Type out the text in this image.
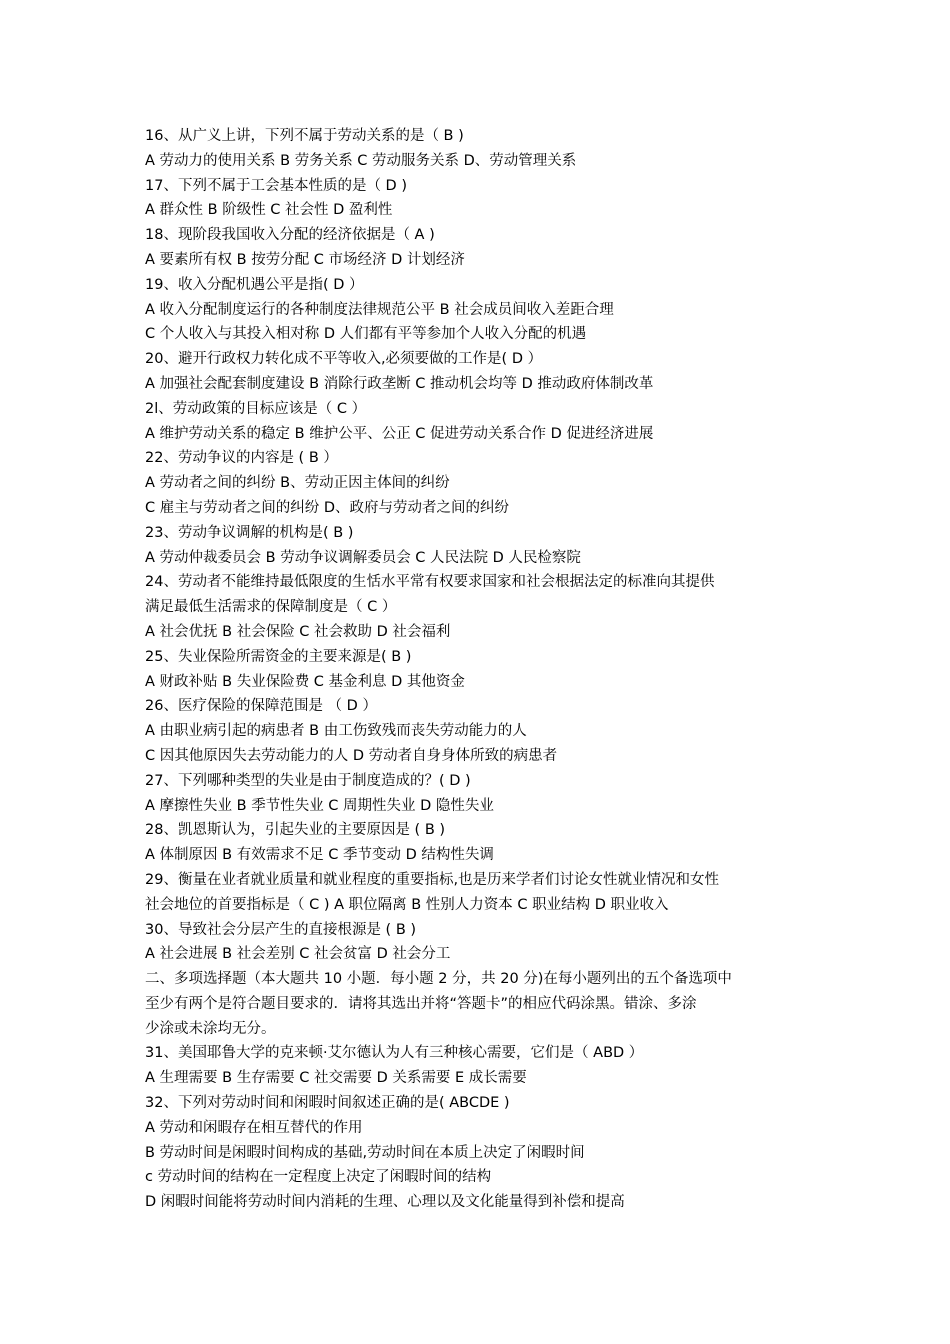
16、从广义上讲，下列不属于劳动关系的是（ B )
A 劳动力的使用关系 B 劳务关系 C 劳动服务关系 D、劳动管理关系
17、下列不属于工会基本性质的是（ D )
A 群众性 B 阶级性 C 社会性 D 盈利性
18、现阶段我国收入分配的经济依据是（ A )
A 要素所有权 B 按劳分配 C 市场经济 D 计划经济
19、收入分配机遇公平是指( D ）
A 收入分配制度运行的各种制度法律规范公平 B 社会成员间收入差距合理
C 个人收入与其投入相对称 D 人们都有平等参加个人收入分配的机遇
20、避开行政权力转化成不平等收入,必须要做的工作是( D ）
A 加强社会配套制度建设 B 消除行政垄断 C 推动机会均等 D 推动政府体制改革
2l、劳动政策的目标应该是（ C ）
A 维护劳动关系的稳定 B 维护公平、公正 C 促进劳动关系合作 D 促进经济进展
22、劳动争议的内容是 ( B ）
A 劳动者之间的纠纷 B、劳动正因主体间的纠纷
C 雇主与劳动者之间的纠纷 D、政府与劳动者之间的纠纷
23、劳动争议调解的机构是( B )
A 劳动仲裁委员会 B 劳动争议调解委员会 C 人民法院 D 人民检察院
24、劳动者不能维持最低限度的生恬水平常有权要求国家和社会根据法定的标准向其提供
满足最低生活需求的保障制度是（ C ）
A 社会优抚 B 社会保险 C 社会救助 D 社会福利
25、失业保险所需资金的主要来源是( B )
A 财政补贴 B 失业保险费 C 基金利息 D 其他资金
26、医疗保险的保障范围是 （ D ）
A 由职业病引起的病患者 B 由工伤致残而丧失劳动能力的人
C 因其他原因失去劳动能力的人 D 劳动者自身身体所致的病患者
27、下列哪种类型的失业是由于制度造成的？( D )
A 摩擦性失业 B 季节性失业 C 周期性失业 D 隐性失业
28、凯恩斯认为，引起失业的主要原因是 ( B )
A 体制原因 B 有效需求不足 C 季节变动 D 结构性失调
29、衡量在业者就业质量和就业程度的重要指标,也是历来学者们讨论女性就业情况和女性
社会地位的首要指标是（ C ) A 职位隔离 B 性别人力资本 C 职业结构 D 职业收入
30、导致社会分层产生的直接根源是 ( B )
A 社会进展 B 社会差别 C 社会贫富 D 社会分工
二、多项选择题（本大题共 10 小题．每小题 2 分，共 20 分)在每小题列出的五个备选项中
至少有两个是符合题目要求的．请将其选出并将“答题卡”的相应代码涂黑。错涂、多涂
少涂或未涂均无分。
31、美国耶鲁大学的克来顿·艾尔德认为人有三种核心需要，它们是（ ABD ）
A 生理需要 B 生存需要 C 社交需要 D 关系需要 E 成长需要
32、下列对劳动时间和闲暇时间叙述正确的是( ABCDE )
A 劳动和闲暇存在相互替代的作用
B 劳动时间是闲暇时间构成的基础,劳动时间在本质上决定了闲暇时间
c 劳动时间的结构在一定程度上决定了闲暇时间的结构
D 闲暇时间能将劳动时间内消耗的生理、心理以及文化能量得到补偿和提高
